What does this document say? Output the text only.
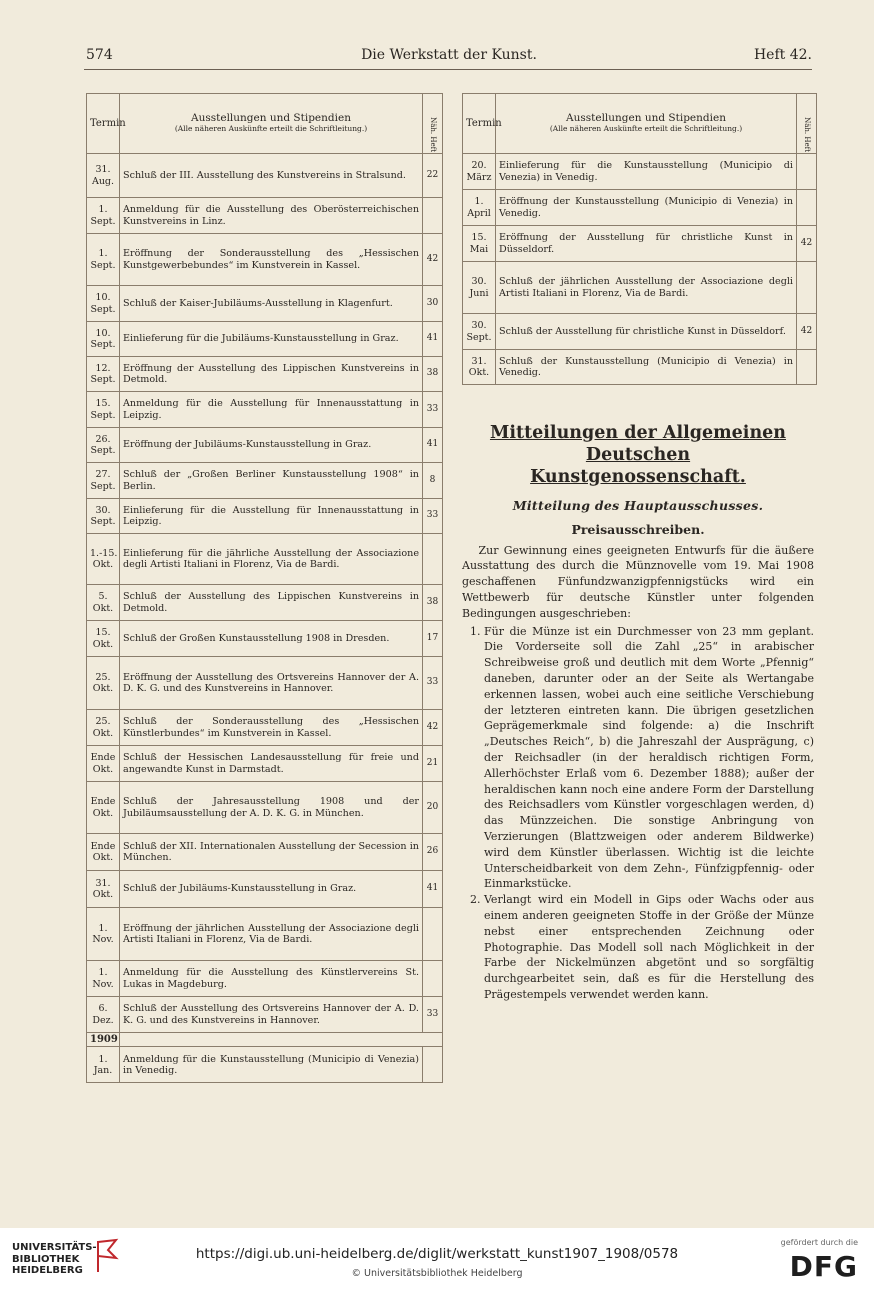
574	Die Werkstatt der Kunst.	Heft 42.
Termin	Ausstellungen und Stipendien
(Alle näheren Auskünfte erteilt die Schriftleitung.)	Näh. Heft

31. Aug.	Schluß der III. Ausstellung des Kunstvereins in Stralsund.	22
1. Sept.	Anmeldung für die Ausstellung des Oberösterreichischen Kunstvereins in Linz.	
1. Sept.	Eröffnung der Sonderausstellung des „Hessischen Kunstgewerbebundes“ im Kunstverein in Kassel.	42
10. Sept.	Schluß der Kaiser-Jubiläums-Ausstellung in Klagenfurt.	30
10. Sept.	Einlieferung für die Jubiläums-Kunstausstellung in Graz.	41
12. Sept.	Eröffnung der Ausstellung des Lippischen Kunstvereins in Detmold.	38
15. Sept.	Anmeldung für die Ausstellung für Innenausstattung in Leipzig.	33
26. Sept.	Eröffnung der Jubiläums-Kunstausstellung in Graz.	41
27. Sept.	Schluß der „Großen Berliner Kunstausstellung 1908“ in Berlin.	8
30. Sept.	Einlieferung für die Ausstellung für Innenausstattung in Leipzig.	33
1.-15. Okt.	Einlieferung für die jährliche Ausstellung der Associazione degli Artisti Italiani in Florenz, Via de Bardi.	
5. Okt.	Schluß der Ausstellung des Lippischen Kunstvereins in Detmold.	38
15. Okt.	Schluß der Großen Kunstausstellung 1908 in Dresden.	17
25. Okt.	Eröffnung der Ausstellung des Ortsvereins Hannover der A. D. K. G. und des Kunstvereins in Hannover.	33
25. Okt.	Schluß der Sonderausstellung des „Hessischen Künstlerbundes“ im Kunstverein in Kassel.	42
Ende Okt.	Schluß der Hessischen Landesausstellung für freie und angewandte Kunst in Darmstadt.	21
Ende Okt.	Schluß der Jahresausstellung 1908 und der Jubiläumsausstellung der A. D. K. G. in München.	20
Ende Okt.	Schluß der XII. Internationalen Ausstellung der Secession in München.	26
31. Okt.	Schluß der Jubiläums-Kunstausstellung in Graz.	41
1. Nov.	Eröffnung der jährlichen Ausstellung der Associazione degli Artisti Italiani in Florenz, Via de Bardi.	
1. Nov.	Anmeldung für die Ausstellung des Künstlervereins St. Lukas in Magdeburg.	
6. Dez.	Schluß der Ausstellung des Ortsvereins Hannover der A. D. K. G. und des Kunstvereins in Hannover.	33
1909		
1. Jan.	Anmeldung für die Kunstausstellung (Municipio di Venezia) in Venedig.	
Termin	Ausstellungen und Stipendien
(Alle näheren Auskünfte erteilt die Schriftleitung.)	Näh. Heft

20. März	Einlieferung für die Kunstausstellung (Municipio di Venezia) in Venedig.	
1. April	Eröffnung der Kunstausstellung (Municipio di Venezia) in Venedig.	
15. Mai	Eröffnung der Ausstellung für christliche Kunst in Düsseldorf.	42
30. Juni	Schluß der jährlichen Ausstellung der Associazione degli Artisti Italiani in Florenz, Via de Bardi.	
30. Sept.	Schluß der Ausstellung für christliche Kunst in Düsseldorf.	42
31. Okt.	Schluß der Kunstausstellung (Municipio di Venezia) in Venedig.	
Mitteilungen der Allgemeinen Deutschen
Kunstgenossenschaft.
Mitteilung des Hauptausschusses.
Preisausschreiben.

Zur Gewinnung eines geeigneten Entwurfs für die äußere Ausstattung des durch die Münznovelle vom 19. Mai 1908 geschaffenen Fünfundzwanzigpfennigstücks wird ein Wettbewerb für deutsche Künstler unter folgenden Bedingungen ausgeschrieben:

1. Für die Münze ist ein Durchmesser von 23 mm geplant. Die Vorderseite soll die Zahl „25“ in arabischer Schreibweise groß und deutlich mit dem Worte „Pfennig“ daneben, darunter oder an der Seite als Wertangabe erkennen lassen, wobei auch eine seitliche Verschiebung der letzteren eintreten kann. Die übrigen gesetzlichen Geprägemerkmale sind folgende: a) die Inschrift „Deutsches Reich“, b) die Jahreszahl der Ausprägung, c) der Reichsadler (in der heraldisch richtigen Form, Allerhöchster Erlaß vom 6. Dezember 1888); außer der heraldischen kann noch eine andere Form der Darstellung des Reichsadlers vom Künstler vorgeschlagen werden, d) das Münzzeichen. Die sonstige Anbringung von Verzierungen (Blattzweigen oder anderem Bildwerke) wird dem Künstler überlassen. Wichtig ist die leichte Unterscheidbarkeit von dem Zehn-, Fünfzigpfennig- oder Einmarkstücke.
2. Verlangt wird ein Modell in Gips oder Wachs oder aus einem anderen geeigneten Stoffe in der Größe der Münze nebst einer entsprechenden Zeichnung oder Photographie. Das Modell soll nach Möglichkeit in der Farbe der Nickelmünzen abgetönt und so sorgfältig durchgearbeitet sein, daß es für die Herstellung des Prägestempels verwendet werden kann.
UNIVERSITÄTS-
BIBLIOTHEK
HEIDELBERG
https://digi.ub.uni-heidelberg.de/diglit/werkstatt_kunst1907_1908/0578
© Universitätsbibliothek Heidelberg
gefördert durch die
DFG
